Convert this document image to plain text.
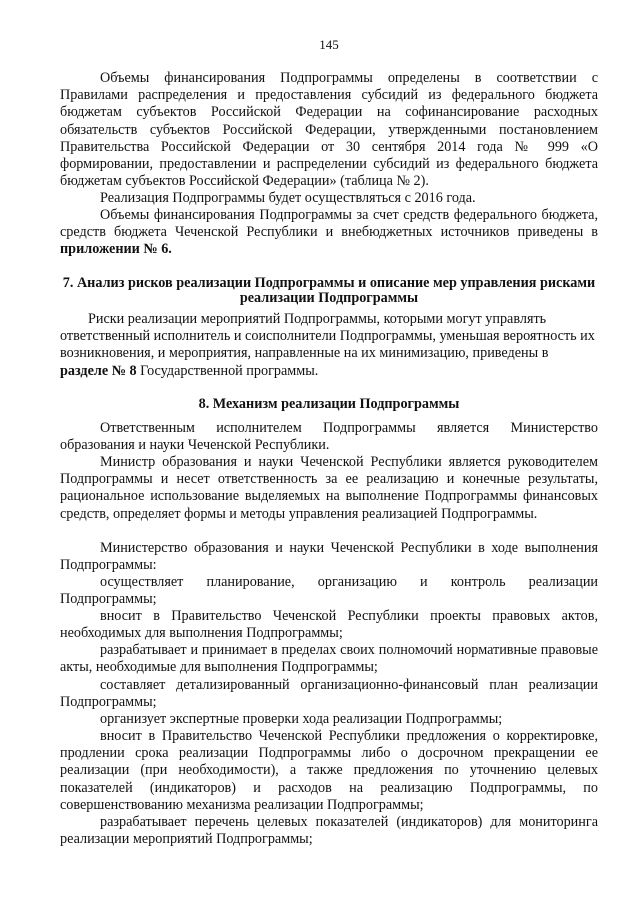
145

Объемы финансирования Подпрограммы определены в соответствии с Правилами распределения и предоставления субсидий из федерального бюджета бюджетам субъектов Российской Федерации на софинансирование расходных обязательств субъектов Российской Федерации, утвержденными постановлением Правительства Российской Федерации от 30 сентября 2014 года № 999 «О формировании, предоставлении и распределении субсидий из федерального бюджета бюджетам субъектов Российской Федерации» (таблица № 2).

Реализация Подпрограммы будет осуществляться с 2016 года.

Объемы финансирования Подпрограммы за счет средств федерального бюджета, средств бюджета Чеченской Республики и внебюджетных источников приведены в приложении № 6.

7. Анализ рисков реализации Подпрограммы и описание мер управления рисками реализации Подпрограммы

Риски реализации мероприятий Подпрограммы, которыми могут управлять ответственный исполнитель и соисполнители Подпрограммы, уменьшая вероятность их возникновения, и мероприятия, направленные на их минимизацию, приведены в разделе № 8 Государственной программы.

8. Механизм реализации Подпрограммы

Ответственным исполнителем Подпрограммы является Министерство образования и науки Чеченской Республики.

Министр образования и науки Чеченской Республики является руководителем Подпрограммы и несет ответственность за ее реализацию и конечные результаты, рациональное использование выделяемых на выполнение Подпрограммы финансовых средств, определяет формы и методы управления реализацией Подпрограммы.

Министерство образования и науки Чеченской Республики в ходе выполнения Подпрограммы:

осуществляет планирование, организацию и контроль реализации Подпрограммы;

вносит в Правительство Чеченской Республики проекты правовых актов, необходимых для выполнения Подпрограммы;

разрабатывает и принимает в пределах своих полномочий нормативные правовые акты, необходимые для выполнения Подпрограммы;

составляет детализированный организационно-финансовый план реализации Подпрограммы;

организует экспертные проверки хода реализации Подпрограммы;

вносит в Правительство Чеченской Республики предложения о корректировке, продлении срока реализации Подпрограммы либо о досрочном прекращении ее реализации (при необходимости), а также предложения по уточнению целевых показателей (индикаторов) и расходов на реализацию Подпрограммы, по совершенствованию механизма реализации Подпрограммы;

разрабатывает перечень целевых показателей (индикаторов) для мониторинга реализации мероприятий Подпрограммы;
